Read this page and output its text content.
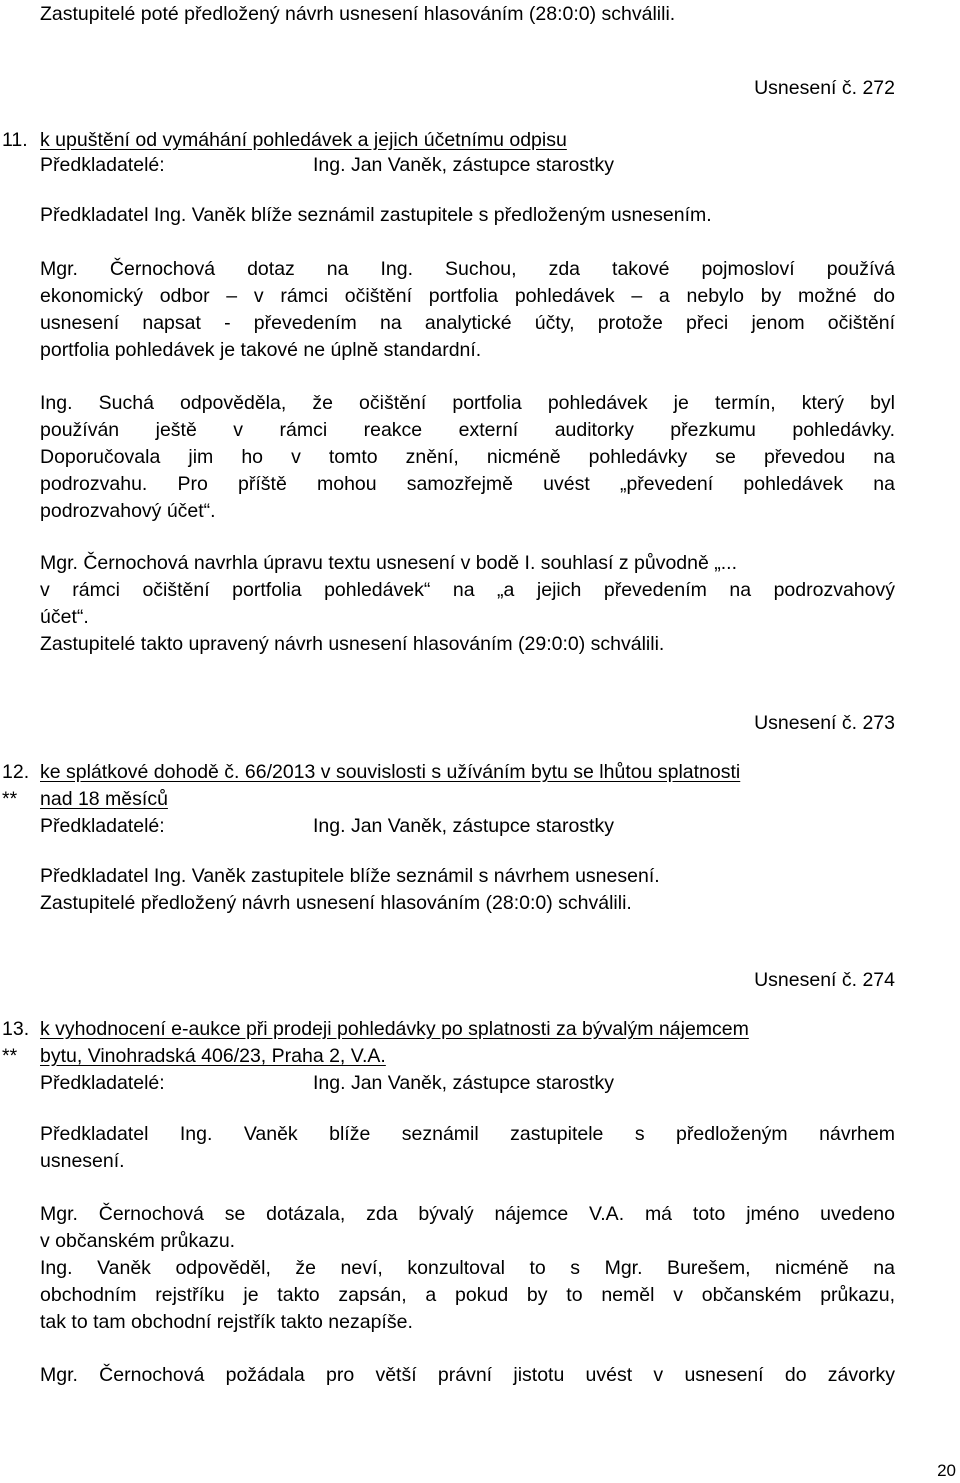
Zastupitelé poté předložený návrh usnesení hlasováním (28:0:0) schválili.
Usnesení č. 272
11. k upuštění od vymáhání pohledávek a jejich účetnímu odpisu
Předkladatelé:	Ing. Jan Vaněk, zástupce starostky
Předkladatel Ing. Vaněk blíže seznámil zastupitele s předloženým usnesením.
Mgr. Černochová dotaz na Ing. Suchou, zda takové pojmosloví používá
ekonomický odbor – v rámci očištění portfolia pohledávek – a nebylo by možné do
usnesení napsat - převedením na analytické účty, protože přeci jenom očištění
portfolia pohledávek je takové ne úplně standardní.
Ing. Suchá odpověděla, že očištění portfolia pohledávek je termín, který byl
používán ještě v rámci reakce externí auditorky přezkumu pohledávky.
Doporučovala jim ho v tomto znění, nicméně pohledávky se převedou na
podrozvahu. Pro příště mohou samozřejmě uvést „převedení pohledávek na
podrozvahový účet“.
Mgr. Černochová navrhla úpravu textu usnesení v bodě I. souhlasí z původně „...
v rámci očištění portfolia pohledávek“ na „a jejich převedením na podrozvahový
účet“.
Zastupitelé takto upravený návrh usnesení hlasováním (29:0:0) schválili.
Usnesení č. 273
12.
**
ke splátkové dohodě č. 66/2013 v souvislosti s užíváním bytu se lhůtou splatnosti
nad 18 měsíců
Předkladatelé:	Ing. Jan Vaněk, zástupce starostky
Předkladatel Ing. Vaněk zastupitele blíže seznámil s návrhem usnesení.
Zastupitelé předložený návrh usnesení hlasováním (28:0:0) schválili.
Usnesení č. 274
13.
**
k vyhodnocení e-aukce při prodeji pohledávky po splatnosti za bývalým nájemcem
bytu, Vinohradská 406/23, Praha 2, V.A.
Předkladatelé:	Ing. Jan Vaněk, zástupce starostky
Předkladatel Ing. Vaněk blíže seznámil zastupitele s předloženým návrhem
usnesení.
Mgr. Černochová se dotázala, zda bývalý nájemce V.A. má toto jméno uvedeno
v občanském průkazu.
Ing. Vaněk odpověděl, že neví, konzultoval to s Mgr. Burešem, nicméně na
obchodním rejstříku je takto zapsán, a pokud by to neměl v občanském průkazu,
tak to tam obchodní rejstřík takto nezapíše.
Mgr. Černochová požádala pro větší právní jistotu uvést v usnesení do závorky
20
